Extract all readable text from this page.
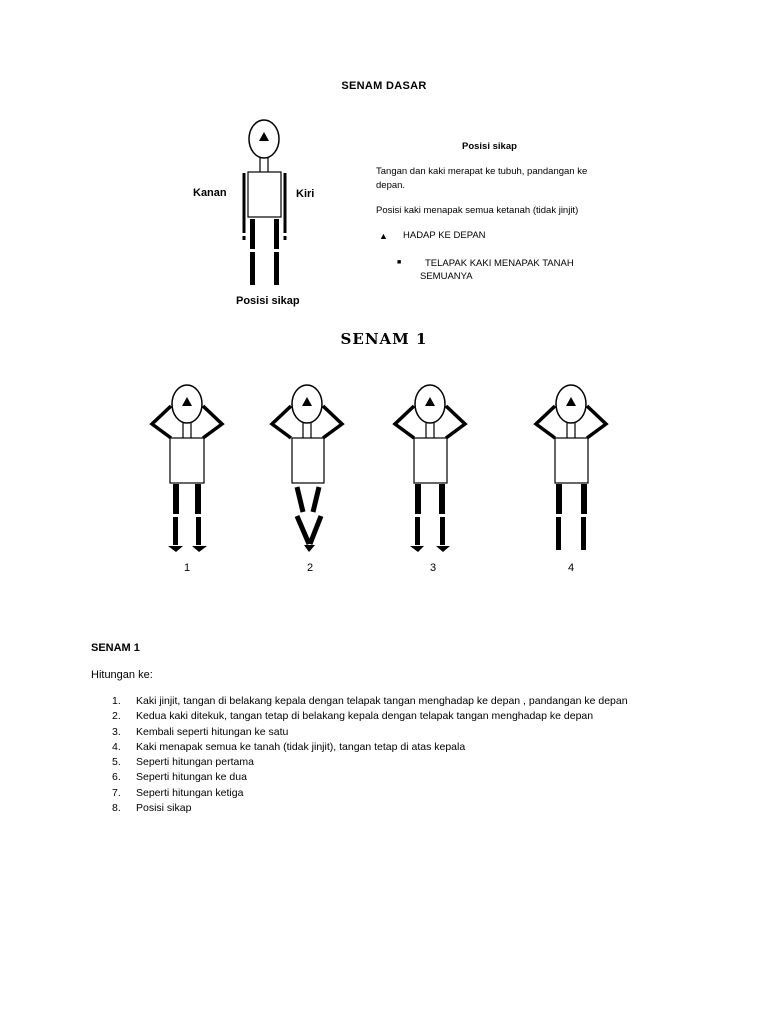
SENAM DASAR
Kanan	Kiri
Posisi sikap
Posisi sikap
Tangan dan kaki merapat ke tubuh, pandangan ke
depan.
Posisi kaki menapak semua ketanah (tidak jinjit)
▲ HADAP KE DEPAN
■	TELAPAK KAKI MENAPAK TANAH
SEMUANYA
SENAM 1
1	2	3	4
SENAM 1
Hitungan ke:
1. Kaki jinjit, tangan di belakang kepala dengan telapak tangan menghadap ke depan , pandangan ke depan
2. Kedua kaki ditekuk, tangan tetap di belakang kepala dengan telapak tangan menghadap ke depan
3. Kembali seperti hitungan ke satu
4. Kaki menapak semua ke tanah (tidak jinjit), tangan tetap di atas kepala
5. Seperti hitungan pertama
6. Seperti hitungan ke dua
7. Seperti hitungan ketiga
8. Posisi sikap
